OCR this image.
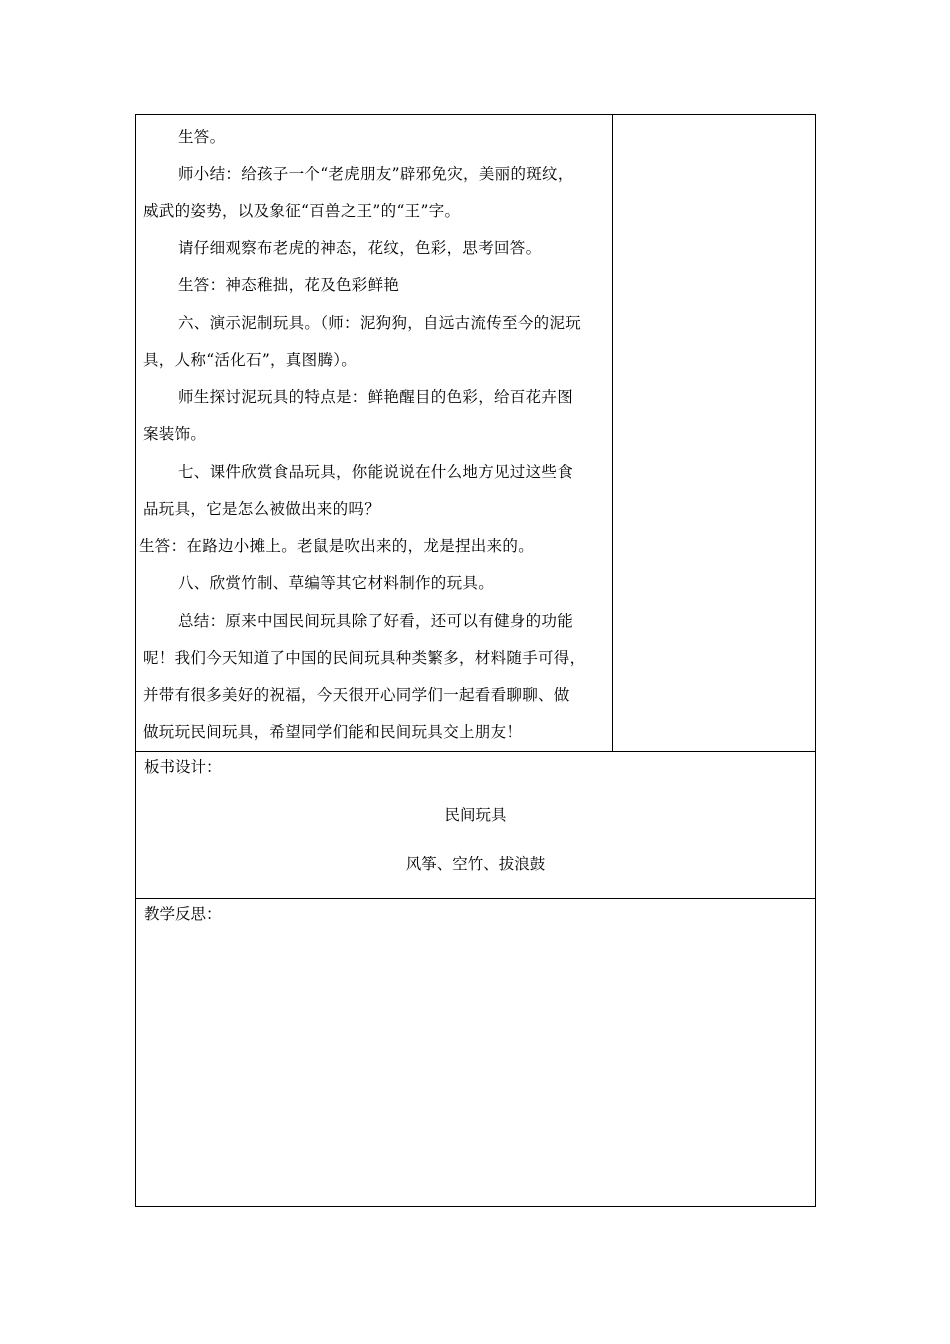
生答。
师小结：给孩子一个“老虎朋友”辟邪免灾，美丽的斑纹，
威武的姿势，以及象征“百兽之王”的“王”字。
请仔细观察布老虎的神态，花纹，色彩，思考回答。
生答：神态稚拙，花及色彩鲜艳
六、演示泥制玩具。（师：泥狗狗，自远古流传至今的泥玩
具，人称“活化石”，真图腾）。
师生探讨泥玩具的特点是：鲜艳醒目的色彩，给百花卉图
案装饰。
七、课件欣赏食品玩具，你能说说在什么地方见过这些食
品玩具，它是怎么被做出来的吗？
生答：在路边小摊上。老鼠是吹出来的，龙是捏出来的。
八、欣赏竹制、草编等其它材料制作的玩具。
总结：原来中国民间玩具除了好看，还可以有健身的功能
呢！我们今天知道了中国的民间玩具种类繁多，材料随手可得，
并带有很多美好的祝福，今天很开心同学们一起看看聊聊、做
做玩玩民间玩具，希望同学们能和民间玩具交上朋友！
板书设计：
民间玩具
风筝、空竹、拔浪鼓
教学反思：
